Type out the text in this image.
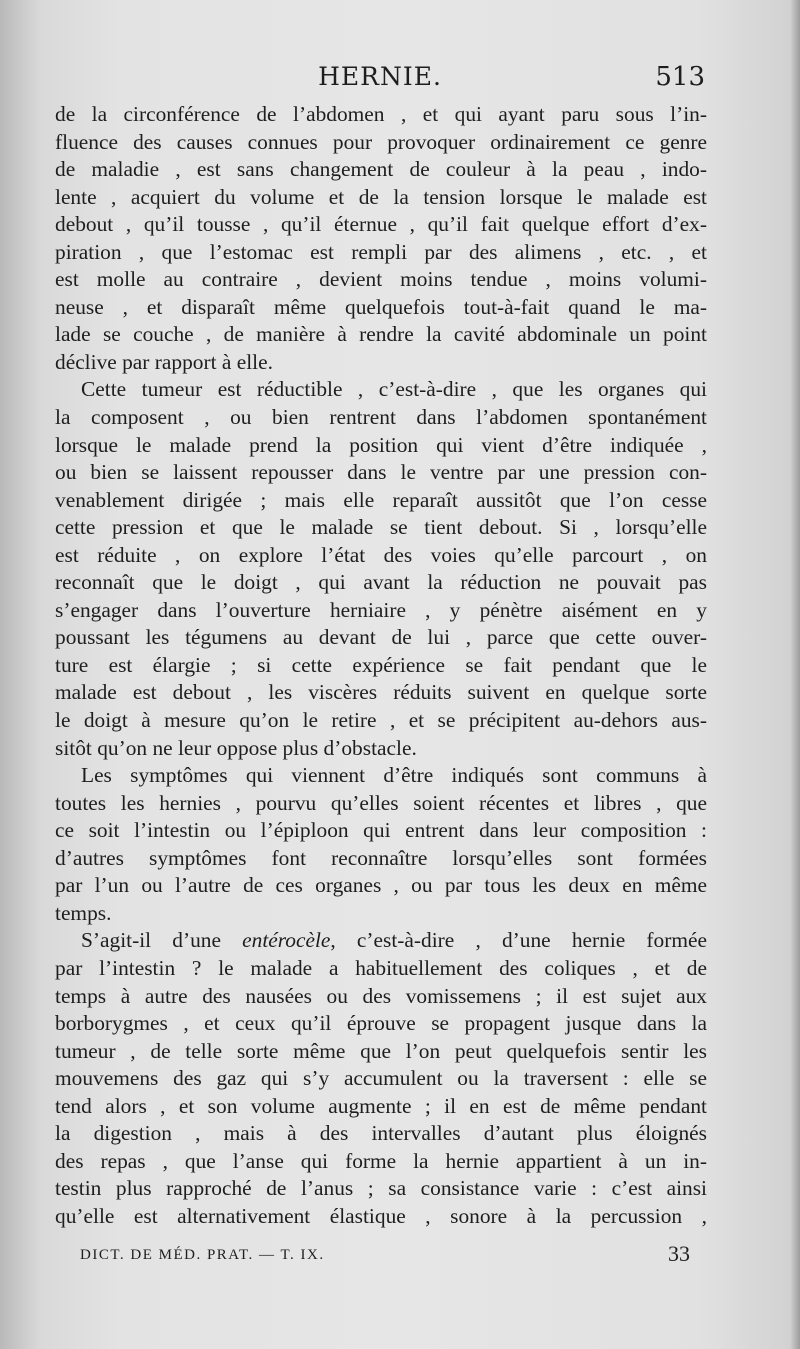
HERNIE.	513

de la circonférence de l’abdomen , et qui ayant paru sous l’in-

fluence des causes connues pour provoquer ordinairement ce genre

de maladie , est sans changement de couleur à la peau , indo-

lente , acquiert du volume et de la tension lorsque le malade est

debout , qu’il tousse , qu’il éternue , qu’il fait quelque effort d’ex-

piration , que l’estomac est rempli par des alimens , etc. , et

est molle au contraire , devient moins tendue , moins volumi-

neuse , et disparaît même quelquefois tout-à-fait quand le ma-

lade se couche , de manière à rendre la cavité abdominale un point

déclive par rapport à elle.

Cette tumeur est réductible , c’est-à-dire , que les organes qui

la composent , ou bien rentrent dans l’abdomen spontanément

lorsque le malade prend la position qui vient d’être indiquée ,

ou bien se laissent repousser dans le ventre par une pression con-

venablement dirigée ; mais elle reparaît aussitôt que l’on cesse

cette pression et que le malade se tient debout. Si , lorsqu’elle

est réduite , on explore l’état des voies qu’elle parcourt , on

reconnaît que le doigt , qui avant la réduction ne pouvait pas

s’engager dans l’ouverture herniaire , y pénètre aisément en y

poussant les tégumens au devant de lui , parce que cette ouver-

ture est élargie ; si cette expérience se fait pendant que le

malade est debout , les viscères réduits suivent en quelque sorte

le doigt à mesure qu’on le retire , et se précipitent au-dehors aus-

sitôt qu’on ne leur oppose plus d’obstacle.

Les symptômes qui viennent d’être indiqués sont communs à

toutes les hernies , pourvu qu’elles soient récentes et libres , que

ce soit l’intestin ou l’épiploon qui entrent dans leur composition :

d’autres symptômes font reconnaître lorsqu’elles sont formées

par l’un ou l’autre de ces organes , ou par tous les deux en même

temps.

S’agit-il d’une entérocèle, c’est-à-dire , d’une hernie formée

par l’intestin ? le malade a habituellement des coliques , et de

temps à autre des nausées ou des vomissemens ; il est sujet aux

borborygmes , et ceux qu’il éprouve se propagent jusque dans la

tumeur , de telle sorte même que l’on peut quelquefois sentir les

mouvemens des gaz qui s’y accumulent ou la traversent : elle se

tend alors , et son volume augmente ; il en est de même pendant

la digestion , mais à des intervalles d’autant plus éloignés

des repas , que l’anse qui forme la hernie appartient à un in-

testin plus rapproché de l’anus ; sa consistance varie : c’est ainsi

qu’elle est alternativement élastique , sonore à la percussion ,

DICT. DE MÉD. PRAT. — T. IX.	33
